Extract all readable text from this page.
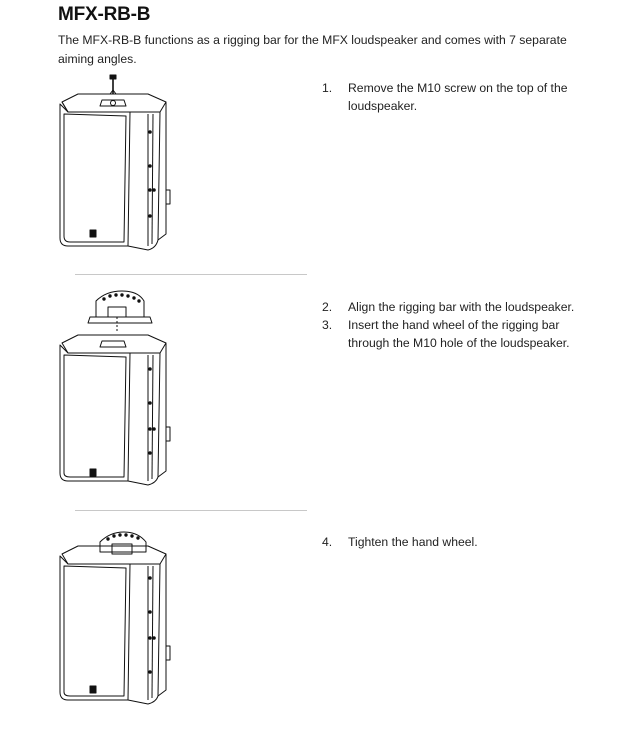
MFX-RB-B
The MFX-RB-B functions as a rigging bar for the MFX loudspeaker and comes with 7 separate
aiming angles.
1.	Remove the M10 screw on the top of the
loudspeaker.
2.	Align the rigging bar with the loudspeaker.
3.	Insert the hand wheel of the rigging bar
through the M10 hole of the loudspeaker.
4.	Tighten the hand wheel.
